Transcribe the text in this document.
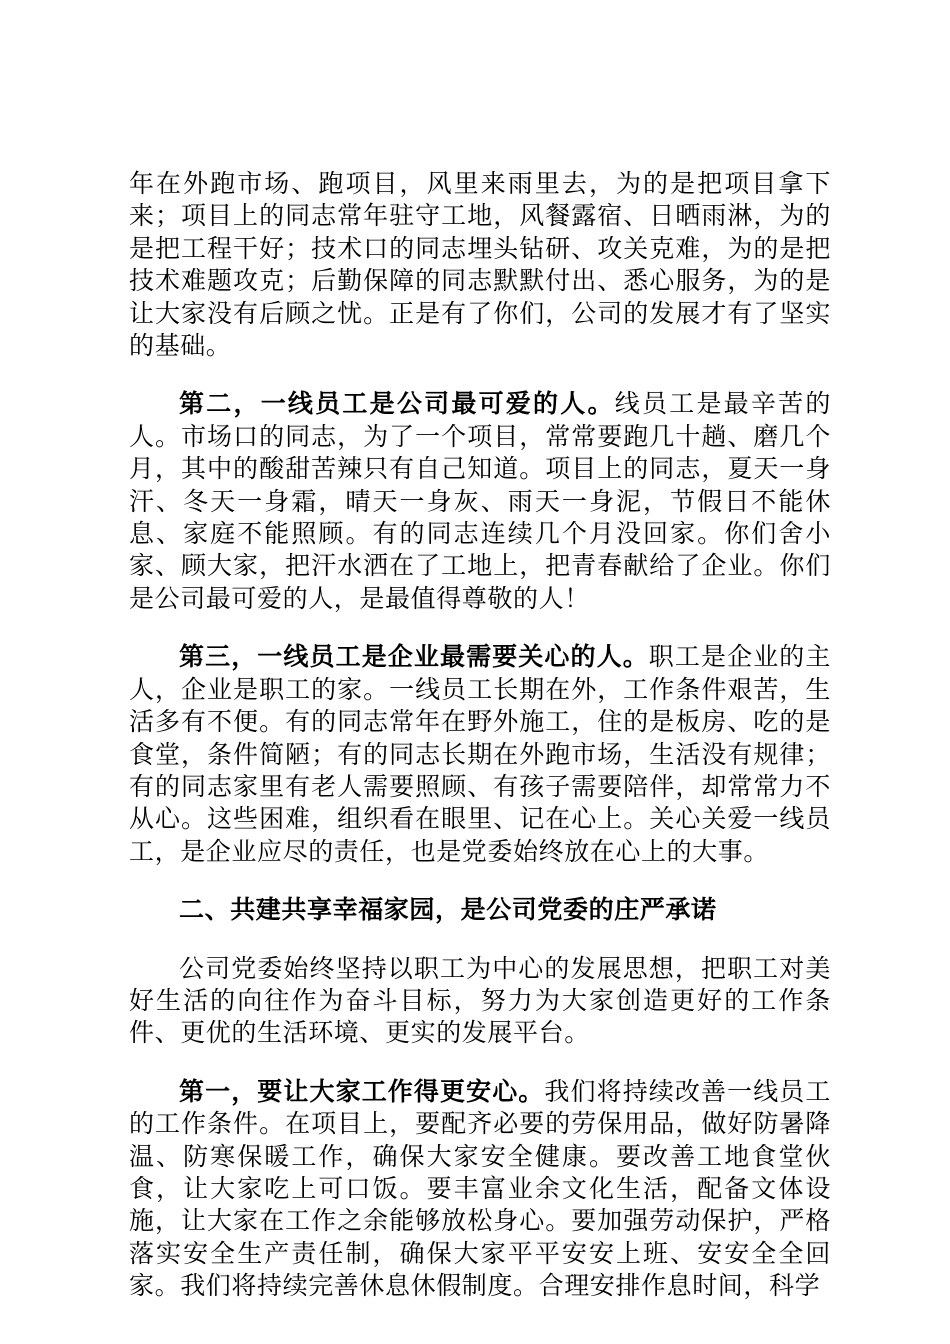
年在外跑市场、跑项目，风里来雨里去，为的是把项目拿下来；项目上的同志常年驻守工地，风餐露宿、日晒雨淋，为的是把工程干好；技术口的同志埋头钻研、攻关克难，为的是把技术难题攻克；后勤保障的同志默默付出、悉心服务，为的是让大家没有后顾之忧。正是有了你们，公司的发展才有了坚实的基础。

第二，一线员工是公司最可爱的人。线员工是最辛苦的人。市场口的同志，为了一个项目，常常要跑几十趟、磨几个月，其中的酸甜苦辣只有自己知道。项目上的同志，夏天一身汗、冬天一身霜，晴天一身灰、雨天一身泥，节假日不能休息、家庭不能照顾。有的同志连续几个月没回家。你们舍小家、顾大家，把汗水洒在了工地上，把青春献给了企业。你们是公司最可爱的人，是最值得尊敬的人！

第三，一线员工是企业最需要关心的人。职工是企业的主人，企业是职工的家。一线员工长期在外，工作条件艰苦，生活多有不便。有的同志常年在野外施工，住的是板房、吃的是食堂，条件简陋；有的同志长期在外跑市场，生活没有规律；有的同志家里有老人需要照顾、有孩子需要陪伴，却常常力不从心。这些困难，组织看在眼里、记在心上。关心关爱一线员工，是企业应尽的责任，也是党委始终放在心上的大事。

二、共建共享幸福家园，是公司党委的庄严承诺

公司党委始终坚持以职工为中心的发展思想，把职工对美好生活的向往作为奋斗目标，努力为大家创造更好的工作条件、更优的生活环境、更实的发展平台。

第一，要让大家工作得更安心。我们将持续改善一线员工的工作条件。在项目上，要配齐必要的劳保用品，做好防暑降温、防寒保暖工作，确保大家安全健康。要改善工地食堂伙食，让大家吃上可口饭。要丰富业余文化生活，配备文体设施，让大家在工作之余能够放松身心。要加强劳动保护，严格落实安全生产责任制，确保大家平平安安上班、安安全全回家。我们将持续完善休息休假制度。合理安排作息时间，科学
